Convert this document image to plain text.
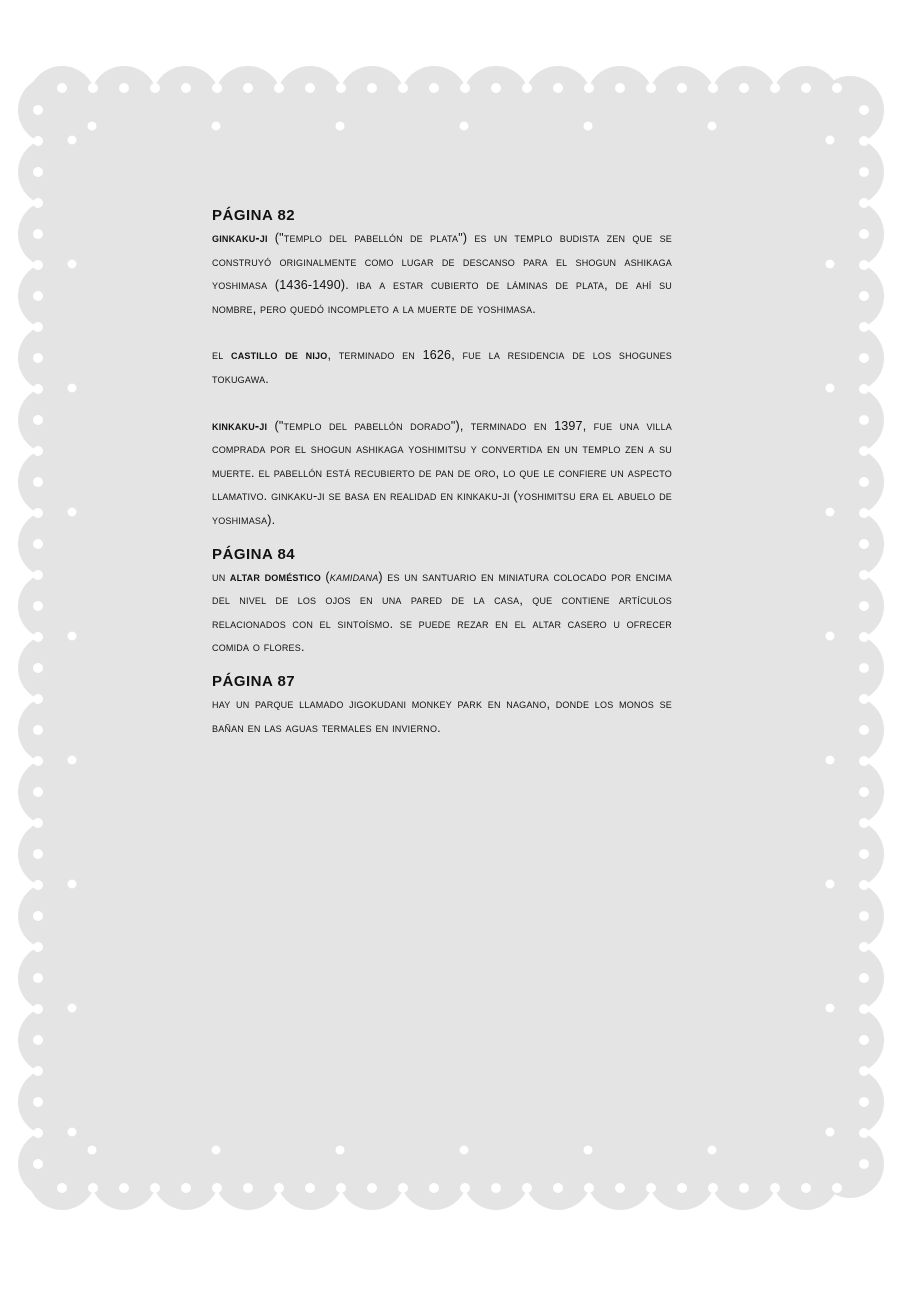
PÁGINA 82

ginkaku-ji ("templo del pabellón de plata") es un templo budista zen que se construyó originalmente como lugar de descanso para el shogun ashikaga yoshimasa (1436-1490). iba a estar cubierto de láminas de plata, de ahí su nombre, pero quedó incompleto a la muerte de yoshimasa.

el castillo de nijo, terminado en 1626, fue la residencia de los shogunes tokugawa.

kinkaku-ji ("templo del pabellón dorado"), terminado en 1397, fue una villa comprada por el shogun ashikaga yoshimitsu y convertida en un templo zen a su muerte. el pabellón está recubierto de pan de oro, lo que le confiere un aspecto llamativo. ginkaku-ji se basa en realidad en kinkaku-ji (yoshimitsu era el abuelo de yoshimasa).

PÁGINA 84

un altar doméstico (kamidana) es un santuario en miniatura colocado por encima del nivel de los ojos en una pared de la casa, que contiene artículos relacionados con el sintoísmo. se puede rezar en el altar casero u ofrecer comida o flores.

PÁGINA 87

hay un parque llamado jigokudani monkey park en nagano, donde los monos se bañan en las aguas termales en invierno.
